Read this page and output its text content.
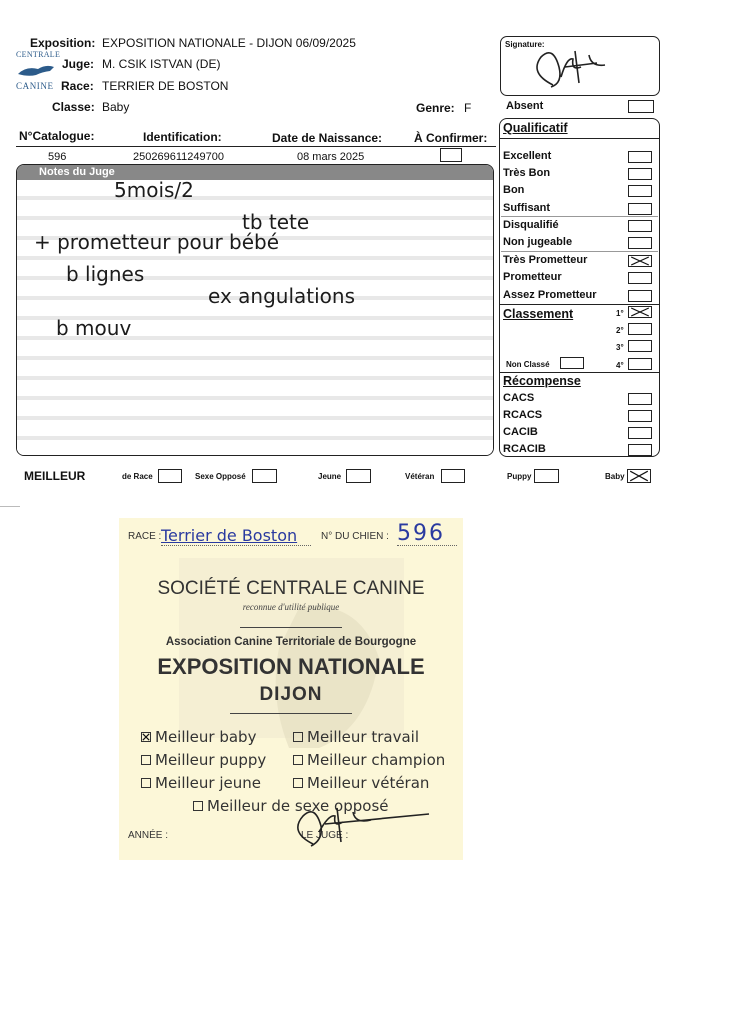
CENTRALE
CANINE
Exposition: EXPOSITION NATIONALE - DIJON 06/09/2025
Juge: M. CSIK ISTVAN (DE)
Race: TERRIER DE BOSTON
Classe: Baby	Genre: F
Signature:
Absent
N°Catalogue:	Identification:	Date de Naissance:	À Confirmer:
596	250269611249700	08 mars 2025
Notes du Juge
5mois/2
tb tete
+ prometteur pour bébé
b lignes
ex angulations
b mouv
Qualificatif
Excellent
Très Bon
Bon
Suffisant
Disqualifié
Non jugeable
Très Prometteur
Prometteur
Assez Prometteur
Classement	1°
2°
3°
4°
Non Classé
Récompense
CACS
RCACS
CACIB
RCACIB
MEILLEUR	de Race	Sexe Opposé	Jeune	Vétéran	Puppy	Baby
RACE : Terrier de Boston N° DU CHIEN : 596
SOCIÉTÉ CENTRALE CANINE
reconnue d'utilité publique
Association Canine Territoriale de Bourgogne
EXPOSITION NATIONALE
DIJON
Meilleur baby	Meilleur travail
Meilleur puppy	Meilleur champion
Meilleur jeune	Meilleur vétéran
Meilleur de sexe opposé
ANNÉE :	LE JUGE :
